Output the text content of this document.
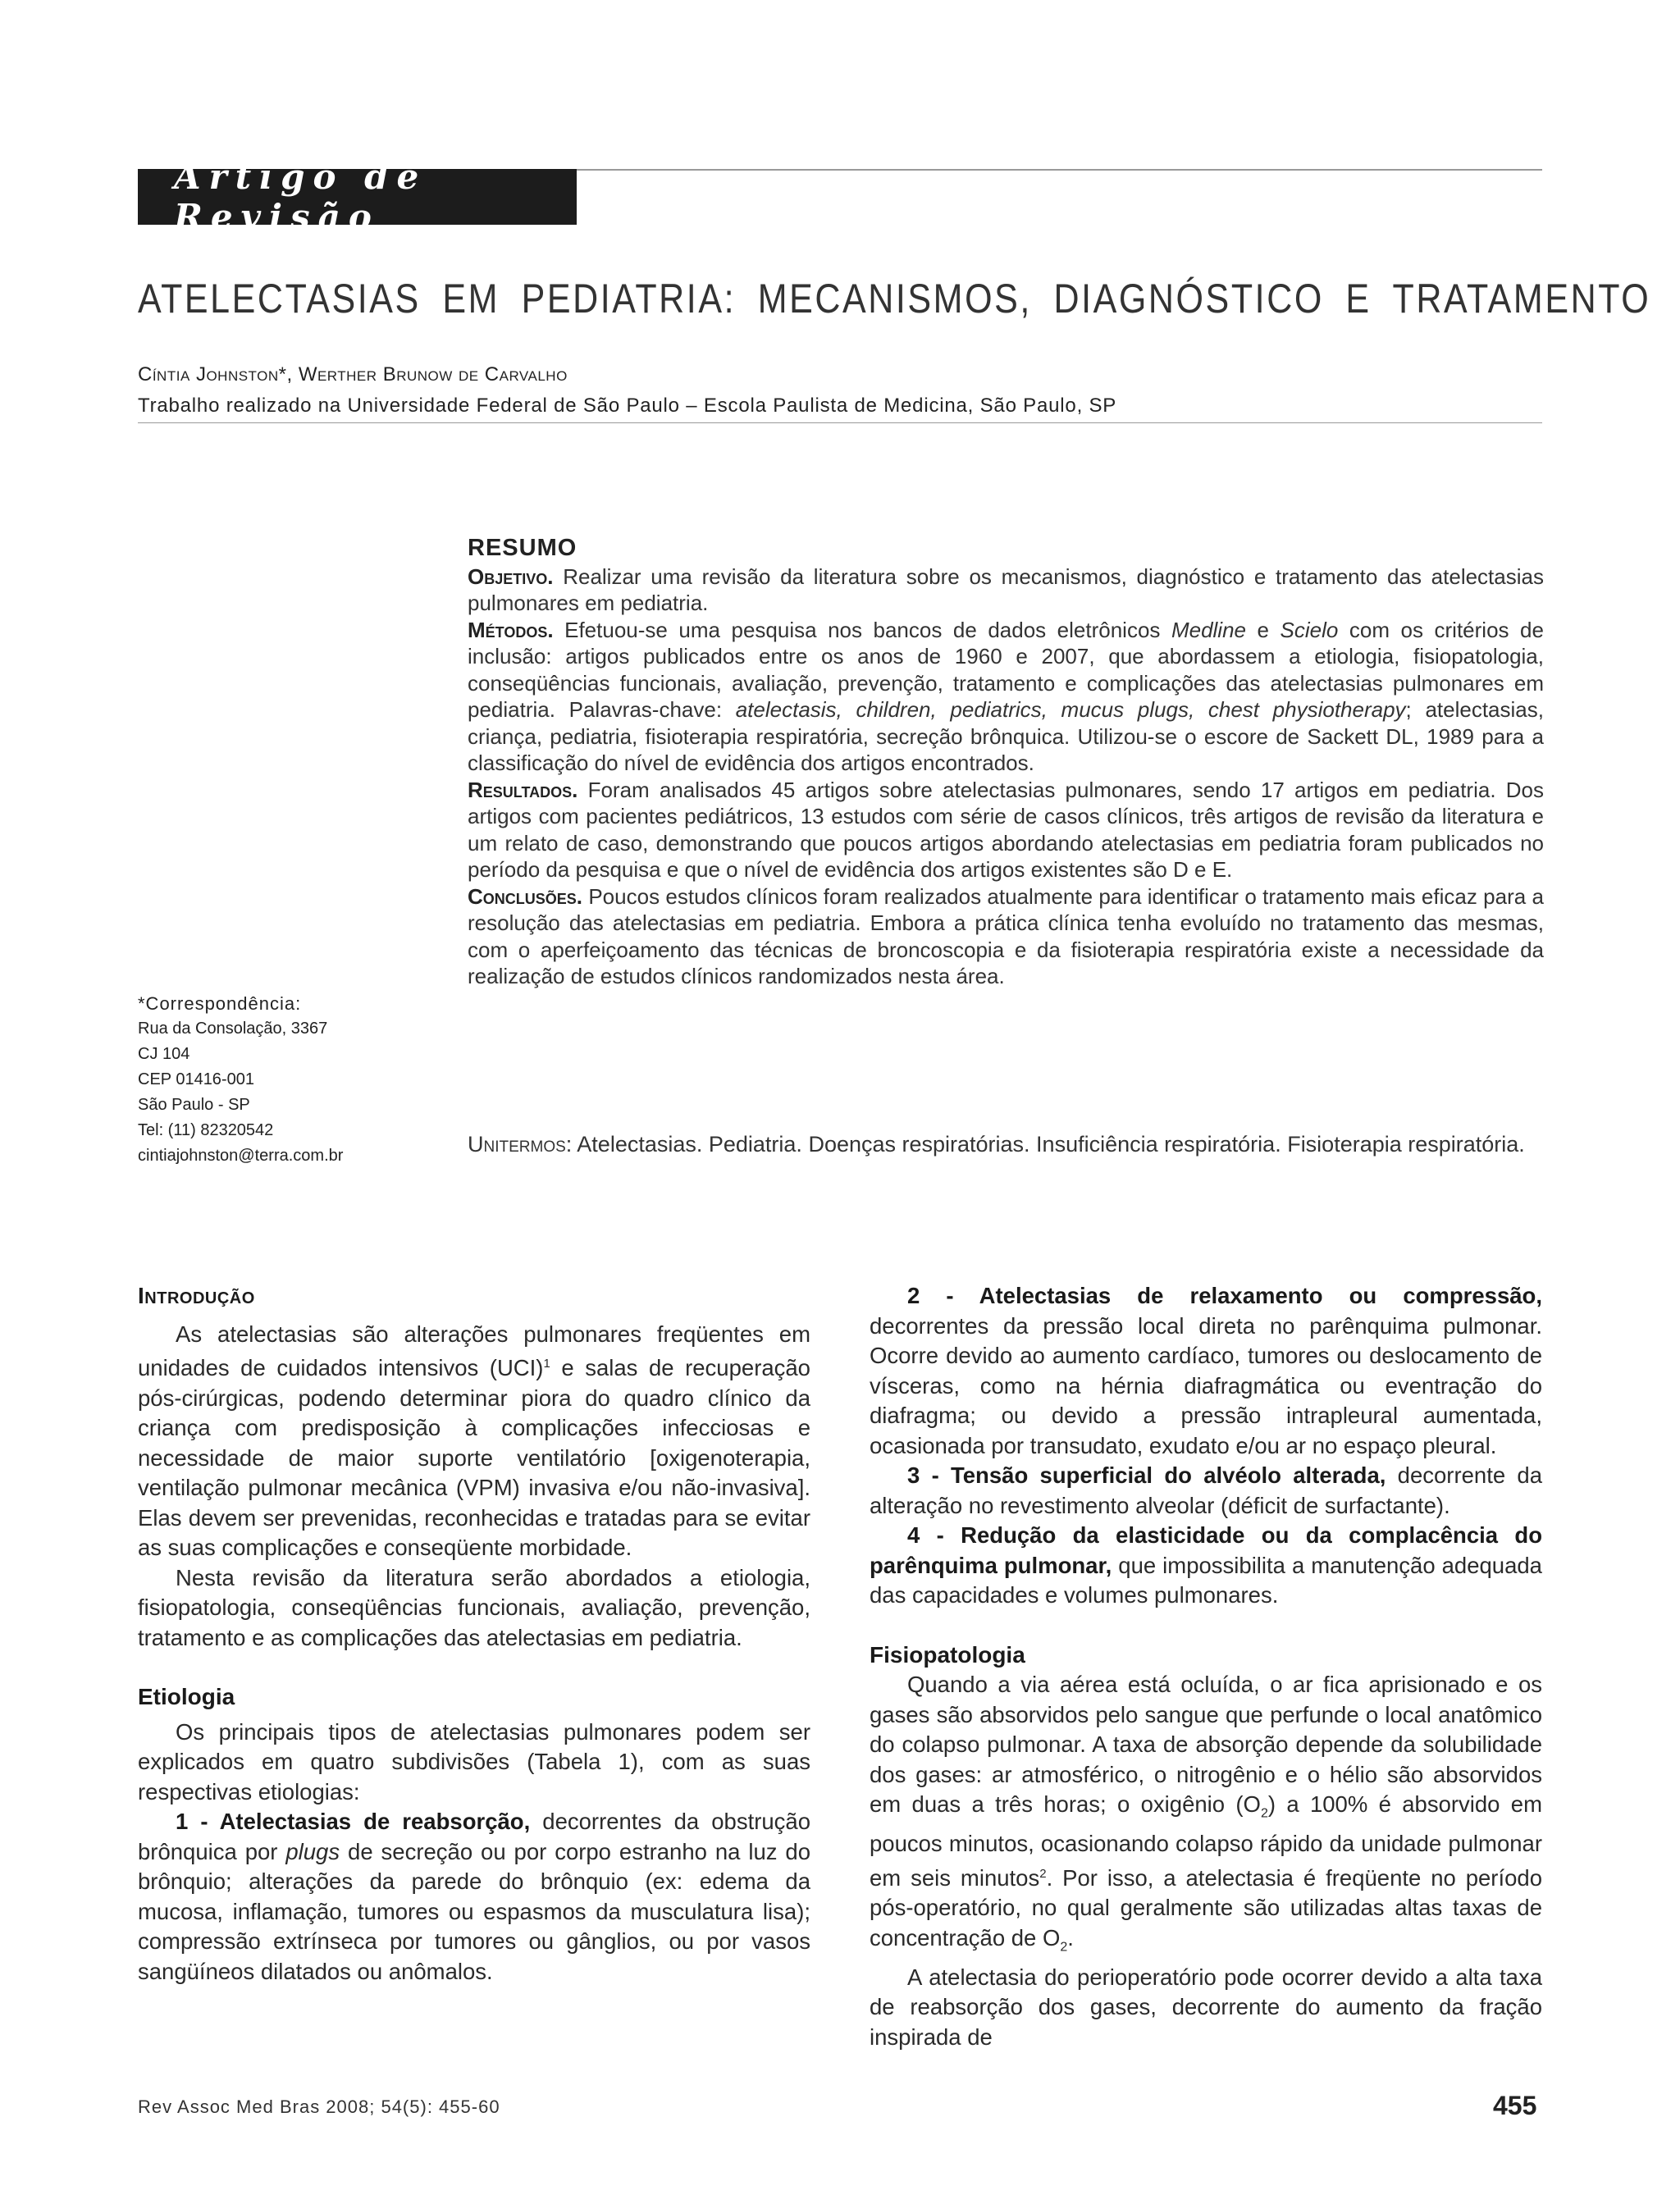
Artigo de Revisão
ATELECTASIAS EM PEDIATRIA: MECANISMOS, DIAGNÓSTICO E TRATAMENTO
Cíntia Johnston*, Werther Brunow de Carvalho
Trabalho realizado na Universidade Federal de São Paulo – Escola Paulista de Medicina, São Paulo, SP
*Correspondência:
Rua da Consolação, 3367
CJ 104
CEP 01416-001
São Paulo - SP
Tel: (11) 82320542
cintiajohnston@terra.com.br
RESUMO

Objetivo. Realizar uma revisão da literatura sobre os mecanismos, diagnóstico e tratamento das atelectasias pulmonares em pediatria.

Métodos. Efetuou-se uma pesquisa nos bancos de dados eletrônicos Medline e Scielo com os critérios de inclusão: artigos publicados entre os anos de 1960 e 2007, que abordassem a etiologia, fisiopatologia, conseqüências funcionais, avaliação, prevenção, tratamento e complicações das atelectasias pulmonares em pediatria. Palavras-chave: atelectasis, children, pediatrics, mucus plugs, chest physiotherapy; atelectasias, criança, pediatria, fisioterapia respiratória, secreção brônquica. Utilizou-se o escore de Sackett DL, 1989 para a classificação do nível de evidência dos artigos encontrados.

Resultados. Foram analisados 45 artigos sobre atelectasias pulmonares, sendo 17 artigos em pediatria. Dos artigos com pacientes pediátricos, 13 estudos com série de casos clínicos, três artigos de revisão da literatura e um relato de caso, demonstrando que poucos artigos abordando atelectasias em pediatria foram publicados no período da pesquisa e que o nível de evidência dos artigos existentes são D e E.

Conclusões. Poucos estudos clínicos foram realizados atualmente para identificar o tratamento mais eficaz para a resolução das atelectasias em pediatria. Embora a prática clínica tenha evoluído no tratamento das mesmas, com o aperfeiçoamento das técnicas de broncoscopia e da fisioterapia respiratória existe a necessidade da realização de estudos clínicos randomizados nesta área.

Unitermos: Atelectasias. Pediatria. Doenças respiratórias. Insuficiência respiratória. Fisioterapia respiratória.
Introdução

As atelectasias são alterações pulmonares freqüentes em unidades de cuidados intensivos (UCI)$^1$ e salas de recuperação pós-cirúrgicas, podendo determinar piora do quadro clínico da criança com predisposição à complicações infecciosas e necessidade de maior suporte ventilatório [oxigenoterapia, ventilação pulmonar mecânica (VPM) invasiva e/ou não-invasiva]. Elas devem ser prevenidas, reconhecidas e tratadas para se evitar as suas complicações e conseqüente morbidade.

Nesta revisão da literatura serão abordados a etiologia, fisiopatologia, conseqüências funcionais, avaliação, prevenção, tratamento e as complicações das atelectasias em pediatria.

Etiologia

Os principais tipos de atelectasias pulmonares podem ser explicados em quatro subdivisões (Tabela 1), com as suas respectivas etiologias:

1 - Atelectasias de reabsorção, decorrentes da obstrução brônquica por plugs de secreção ou por corpo estranho na luz do brônquio; alterações da parede do brônquio (ex: edema da mucosa, inflamação, tumores ou espasmos da musculatura lisa); compressão extrínseca por tumores ou gânglios, ou por vasos sangüíneos dilatados ou anômalos.

2 - Atelectasias de relaxamento ou compressão, decorrentes da pressão local direta no parênquima pulmonar. Ocorre devido ao aumento cardíaco, tumores ou deslocamento de vísceras, como na hérnia diafragmática ou eventração do diafragma; ou devido a pressão intrapleural aumentada, ocasionada por transudato, exudato e/ou ar no espaço pleural.

3 - Tensão superficial do alvéolo alterada, decorrente da alteração no revestimento alveolar (déficit de surfactante).

4 - Redução da elasticidade ou da complacência do parênquima pulmonar, que impossibilita a manutenção adequada das capacidades e volumes pulmonares.

Fisiopatologia

Quando a via aérea está ocluída, o ar fica aprisionado e os gases são absorvidos pelo sangue que perfunde o local anatômico do colapso pulmonar. A taxa de absorção depende da solubilidade dos gases: ar atmosférico, o nitrogênio e o hélio são absorvidos em duas a três horas; o oxigênio $(O_2)$ a 100% é absorvido em poucos minutos, ocasionando colapso rápido da unidade pulmonar em seis minutos$^2$. Por isso, a atelectasia é freqüente no período pós-operatório, no qual geralmente são utilizadas altas taxas de concentração de $O_2$.

A atelectasia do perioperatório pode ocorrer devido a alta taxa de reabsorção dos gases, decorrente do aumento da fração inspirada de

Rev Assoc Med Bras 2008; 54(5): 455-60	455
